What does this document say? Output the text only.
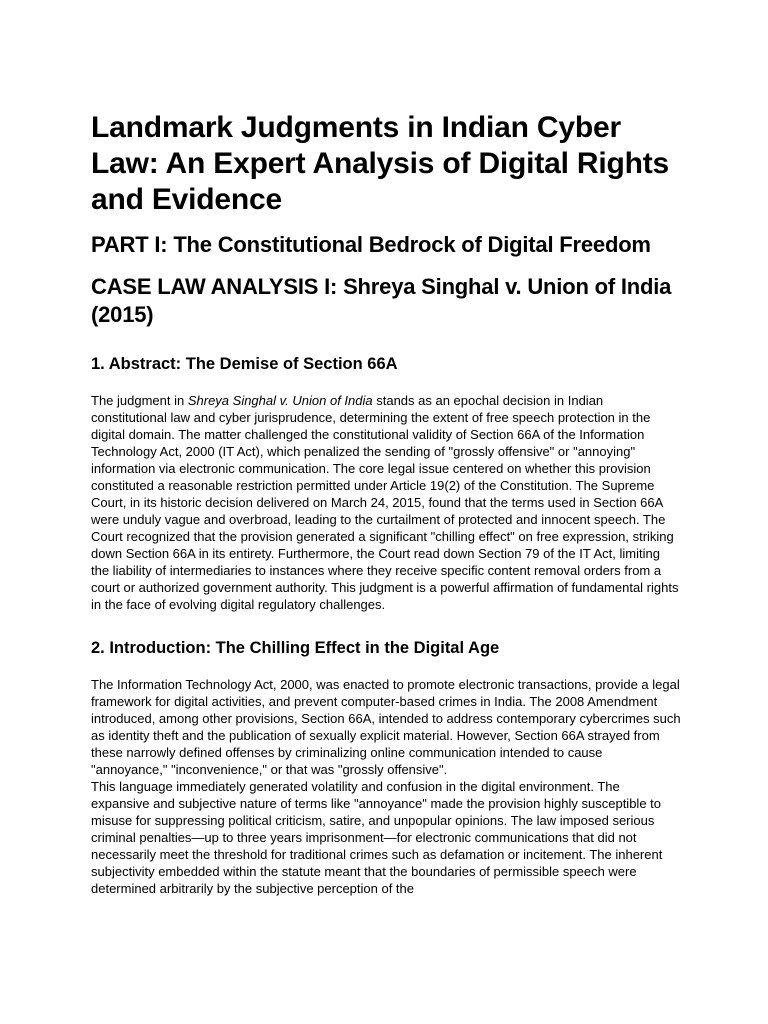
Landmark Judgments in Indian Cyber Law: An Expert Analysis of Digital Rights and Evidence
PART I: The Constitutional Bedrock of Digital Freedom
CASE LAW ANALYSIS I: Shreya Singhal v. Union of India (2015)
1. Abstract: The Demise of Section 66A

The judgment in Shreya Singhal v. Union of India stands as an epochal decision in Indian constitutional law and cyber jurisprudence, determining the extent of free speech protection in the digital domain. The matter challenged the constitutional validity of Section 66A of the Information Technology Act, 2000 (IT Act), which penalized the sending of "grossly offensive" or "annoying" information via electronic communication. The core legal issue centered on whether this provision constituted a reasonable restriction permitted under Article 19(2) of the Constitution. The Supreme Court, in its historic decision delivered on March 24, 2015, found that the terms used in Section 66A were unduly vague and overbroad, leading to the curtailment of protected and innocent speech. The Court recognized that the provision generated a significant "chilling effect" on free expression, striking down Section 66A in its entirety. Furthermore, the Court read down Section 79 of the IT Act, limiting the liability of intermediaries to instances where they receive specific content removal orders from a court or authorized government authority. This judgment is a powerful affirmation of fundamental rights in the face of evolving digital regulatory challenges.

2. Introduction: The Chilling Effect in the Digital Age

The Information Technology Act, 2000, was enacted to promote electronic transactions, provide a legal framework for digital activities, and prevent computer-based crimes in India. The 2008 Amendment introduced, among other provisions, Section 66A, intended to address contemporary cybercrimes such as identity theft and the publication of sexually explicit material. However, Section 66A strayed from these narrowly defined offenses by criminalizing online communication intended to cause "annoyance," "inconvenience," or that was "grossly offensive".

This language immediately generated volatility and confusion in the digital environment. The expansive and subjective nature of terms like "annoyance" made the provision highly susceptible to misuse for suppressing political criticism, satire, and unpopular opinions. The law imposed serious criminal penalties—up to three years imprisonment—for electronic communications that did not necessarily meet the threshold for traditional crimes such as defamation or incitement. The inherent subjectivity embedded within the statute meant that the boundaries of permissible speech were determined arbitrarily by the subjective perception of the
